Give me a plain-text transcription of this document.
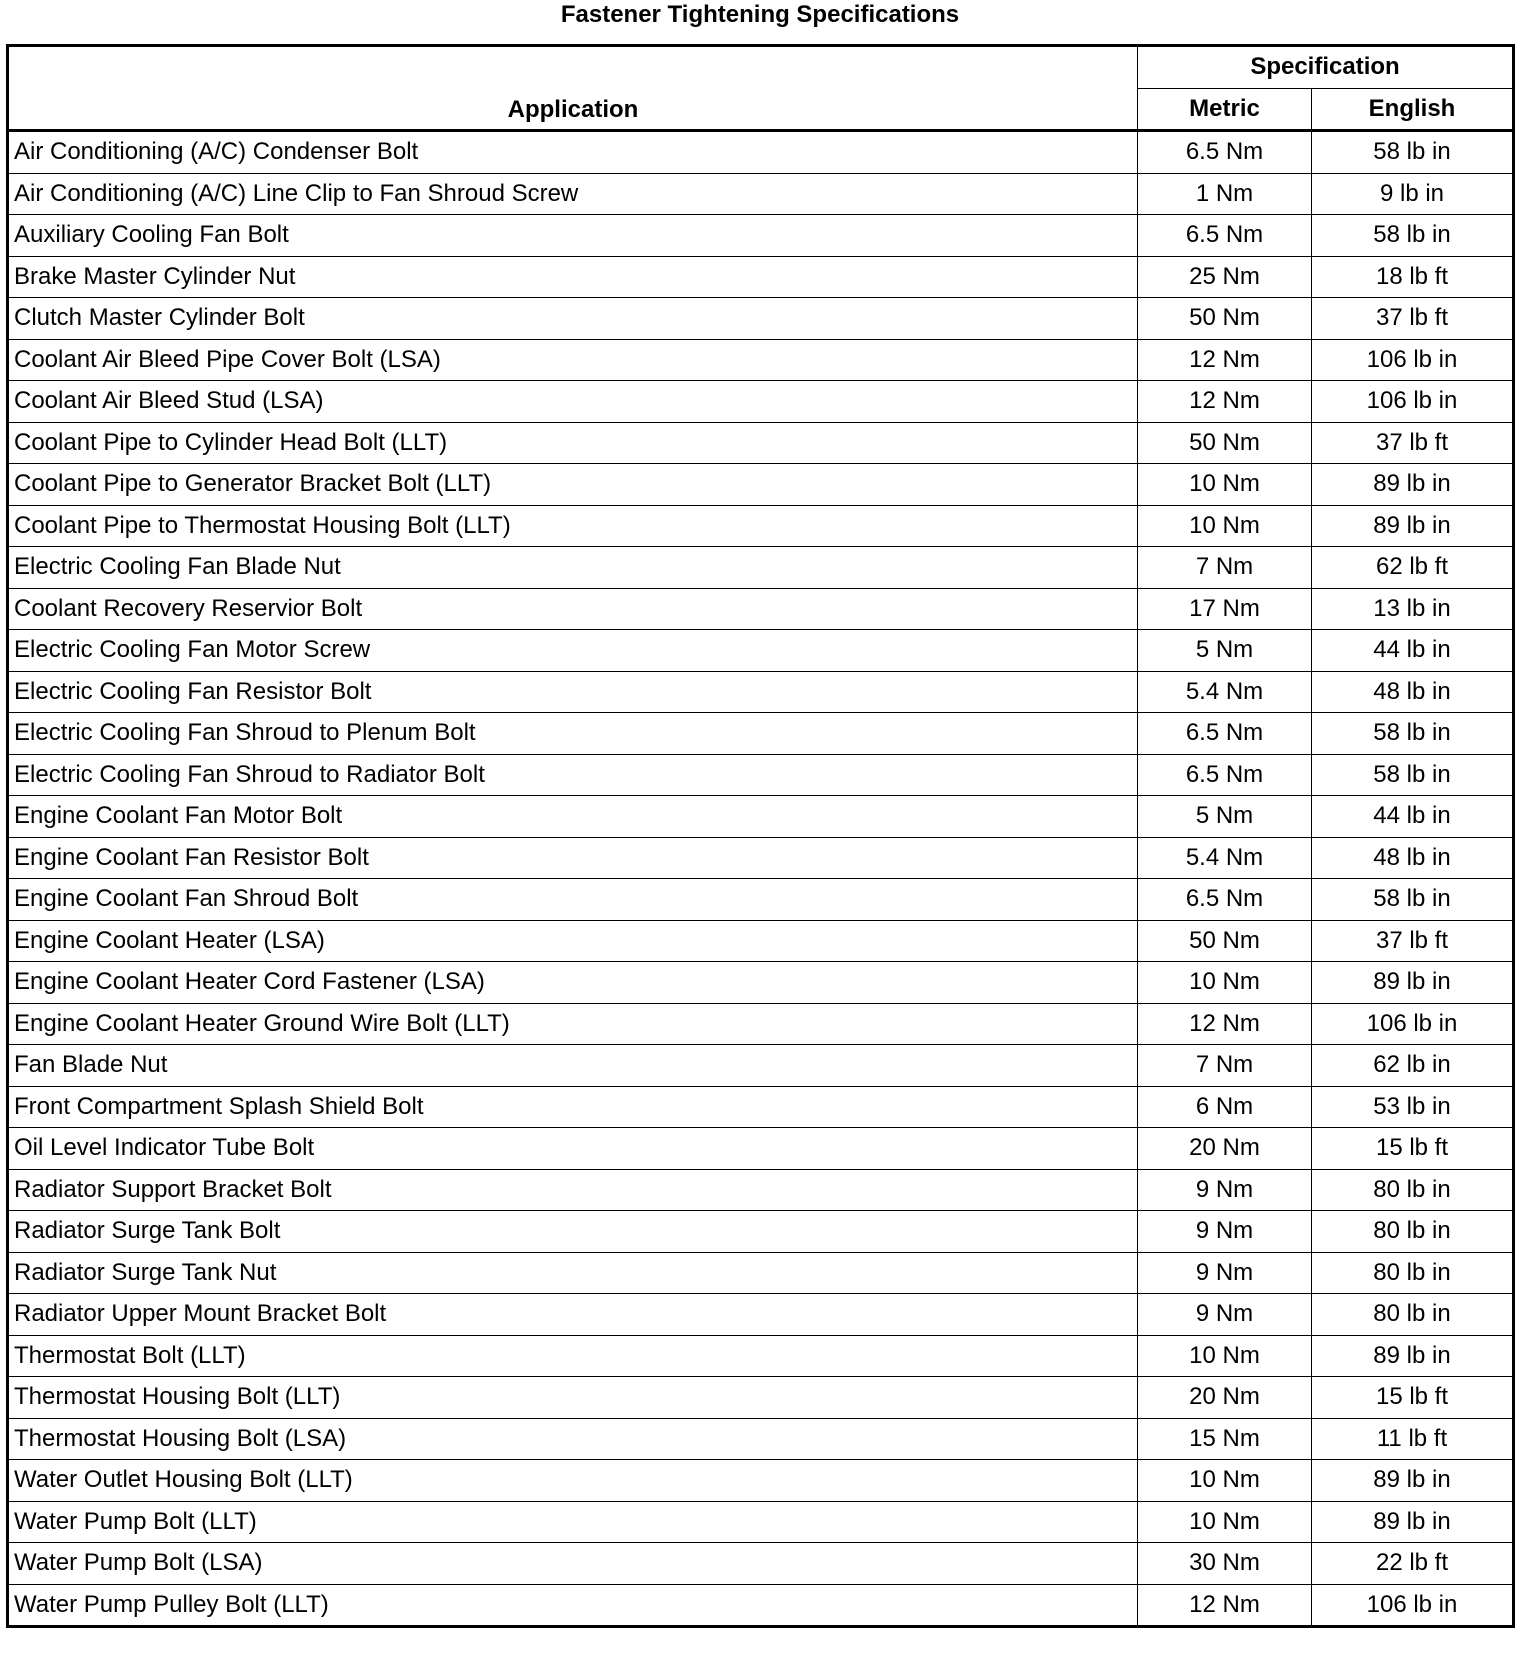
Fastener Tightening Specifications
Application	Specification	
	Metric	English
Air Conditioning (A/C) Condenser Bolt	6.5 Nm	58 lb in
Air Conditioning (A/C) Line Clip to Fan Shroud Screw	1 Nm	9 lb in
Auxiliary Cooling Fan Bolt	6.5 Nm	58 lb in
Brake Master Cylinder Nut	25 Nm	18 lb ft
Clutch Master Cylinder Bolt	50 Nm	37 lb ft
Coolant Air Bleed Pipe Cover Bolt (LSA)	12 Nm	106 lb in
Coolant Air Bleed Stud (LSA)	12 Nm	106 lb in
Coolant Pipe to Cylinder Head Bolt (LLT)	50 Nm	37 lb ft
Coolant Pipe to Generator Bracket Bolt (LLT)	10 Nm	89 lb in
Coolant Pipe to Thermostat Housing Bolt (LLT)	10 Nm	89 lb in
Electric Cooling Fan Blade Nut	7 Nm	62 lb ft
Coolant Recovery Reservior Bolt	17 Nm	13 lb in
Electric Cooling Fan Motor Screw	5 Nm	44 lb in
Electric Cooling Fan Resistor Bolt	5.4 Nm	48 lb in
Electric Cooling Fan Shroud to Plenum Bolt	6.5 Nm	58 lb in
Electric Cooling Fan Shroud to Radiator Bolt	6.5 Nm	58 lb in
Engine Coolant Fan Motor Bolt	5 Nm	44 lb in
Engine Coolant Fan Resistor Bolt	5.4 Nm	48 lb in
Engine Coolant Fan Shroud Bolt	6.5 Nm	58 lb in
Engine Coolant Heater (LSA)	50 Nm	37 lb ft
Engine Coolant Heater Cord Fastener (LSA)	10 Nm	89 lb in
Engine Coolant Heater Ground Wire Bolt (LLT)	12 Nm	106 lb in
Fan Blade Nut	7 Nm	62 lb in
Front Compartment Splash Shield Bolt	6 Nm	53 lb in
Oil Level Indicator Tube Bolt	20 Nm	15 lb ft
Radiator Support Bracket Bolt	9 Nm	80 lb in
Radiator Surge Tank Bolt	9 Nm	80 lb in
Radiator Surge Tank Nut	9 Nm	80 lb in
Radiator Upper Mount Bracket Bolt	9 Nm	80 lb in
Thermostat Bolt (LLT)	10 Nm	89 lb in
Thermostat Housing Bolt (LLT)	20 Nm	15 lb ft
Thermostat Housing Bolt (LSA)	15 Nm	11 lb ft
Water Outlet Housing Bolt (LLT)	10 Nm	89 lb in
Water Pump Bolt (LLT)	10 Nm	89 lb in
Water Pump Bolt (LSA)	30 Nm	22 lb ft
Water Pump Pulley Bolt (LLT)	12 Nm	106 lb in
